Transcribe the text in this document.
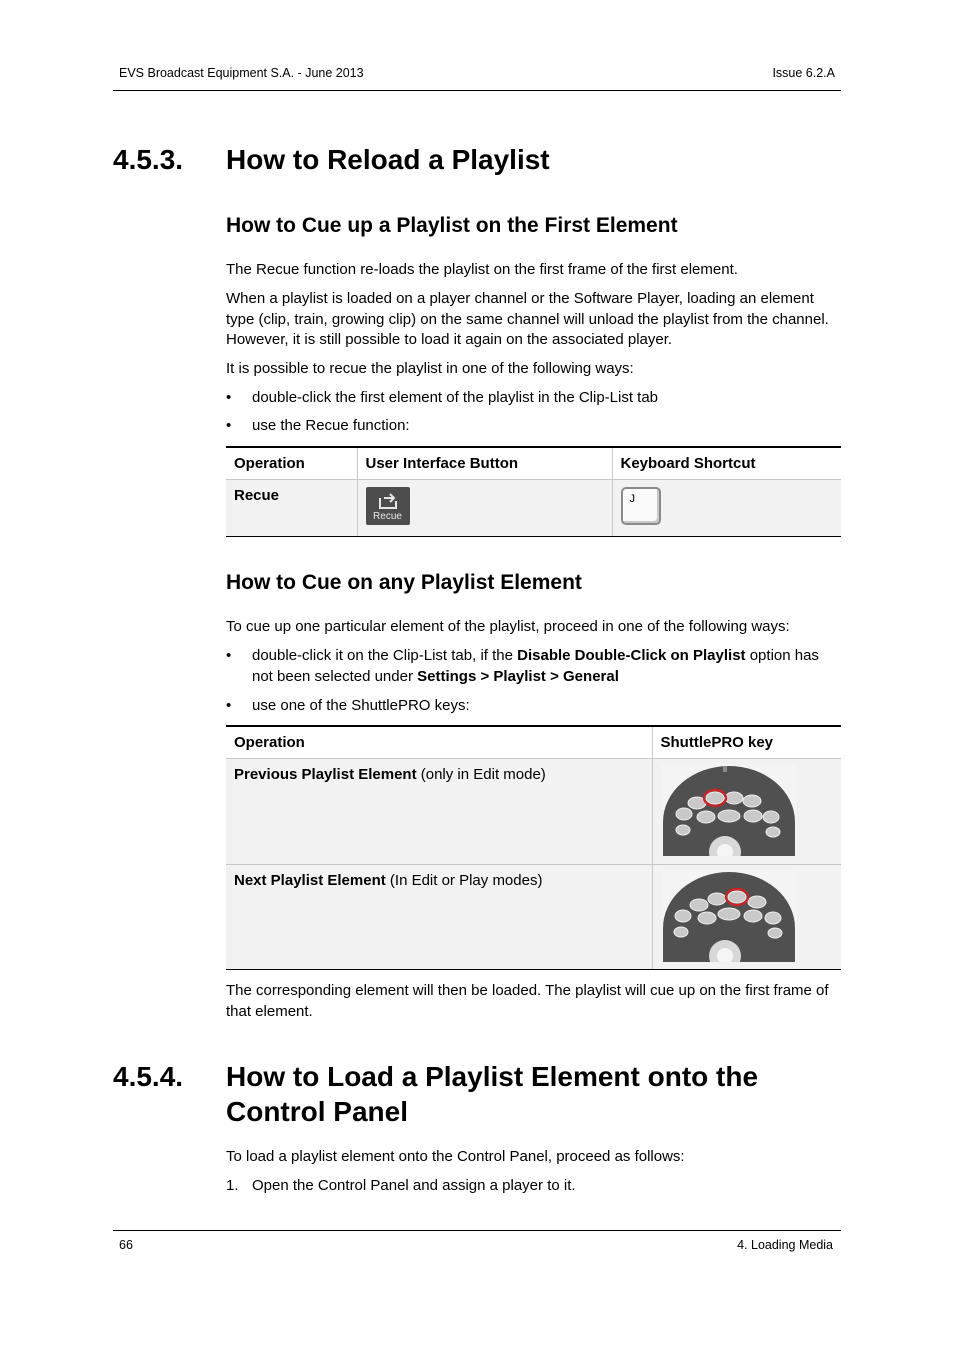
EVS Broadcast Equipment S.A. - June 2013	Issue 6.2.A
4.5.3. How to Reload a Playlist
How to Cue up a Playlist on the First Element
The Recue function re-loads the playlist on the first frame of the first element.
When a playlist is loaded on a player channel or the Software Player, loading an element type (clip, train, growing clip) on the same channel will unload the playlist from the channel. However, it is still possible to load it again on the associated player.
It is possible to recue the playlist in one of the following ways:
• double-click the first element of the playlist in the Clip-List tab
• use the Recue function:
Operation	User Interface Button	Keyboard Shortcut
Recue	Recue	J
How to Cue on any Playlist Element
To cue up one particular element of the playlist, proceed in one of the following ways:
• double-click it on the Clip-List tab, if the Disable Double-Click on Playlist option has not been selected under Settings > Playlist > General
• use one of the ShuttlePRO keys:
Operation	ShuttlePRO key
Previous Playlist Element (only in Edit mode)	

Next Playlist Element (In Edit or Play modes)	
The corresponding element will then be loaded. The playlist will cue up on the first frame of that element.
4.5.4. How to Load a Playlist Element onto the Control Panel
To load a playlist element onto the Control Panel, proceed as follows:
1. Open the Control Panel and assign a player to it.
66	4. Loading Media
